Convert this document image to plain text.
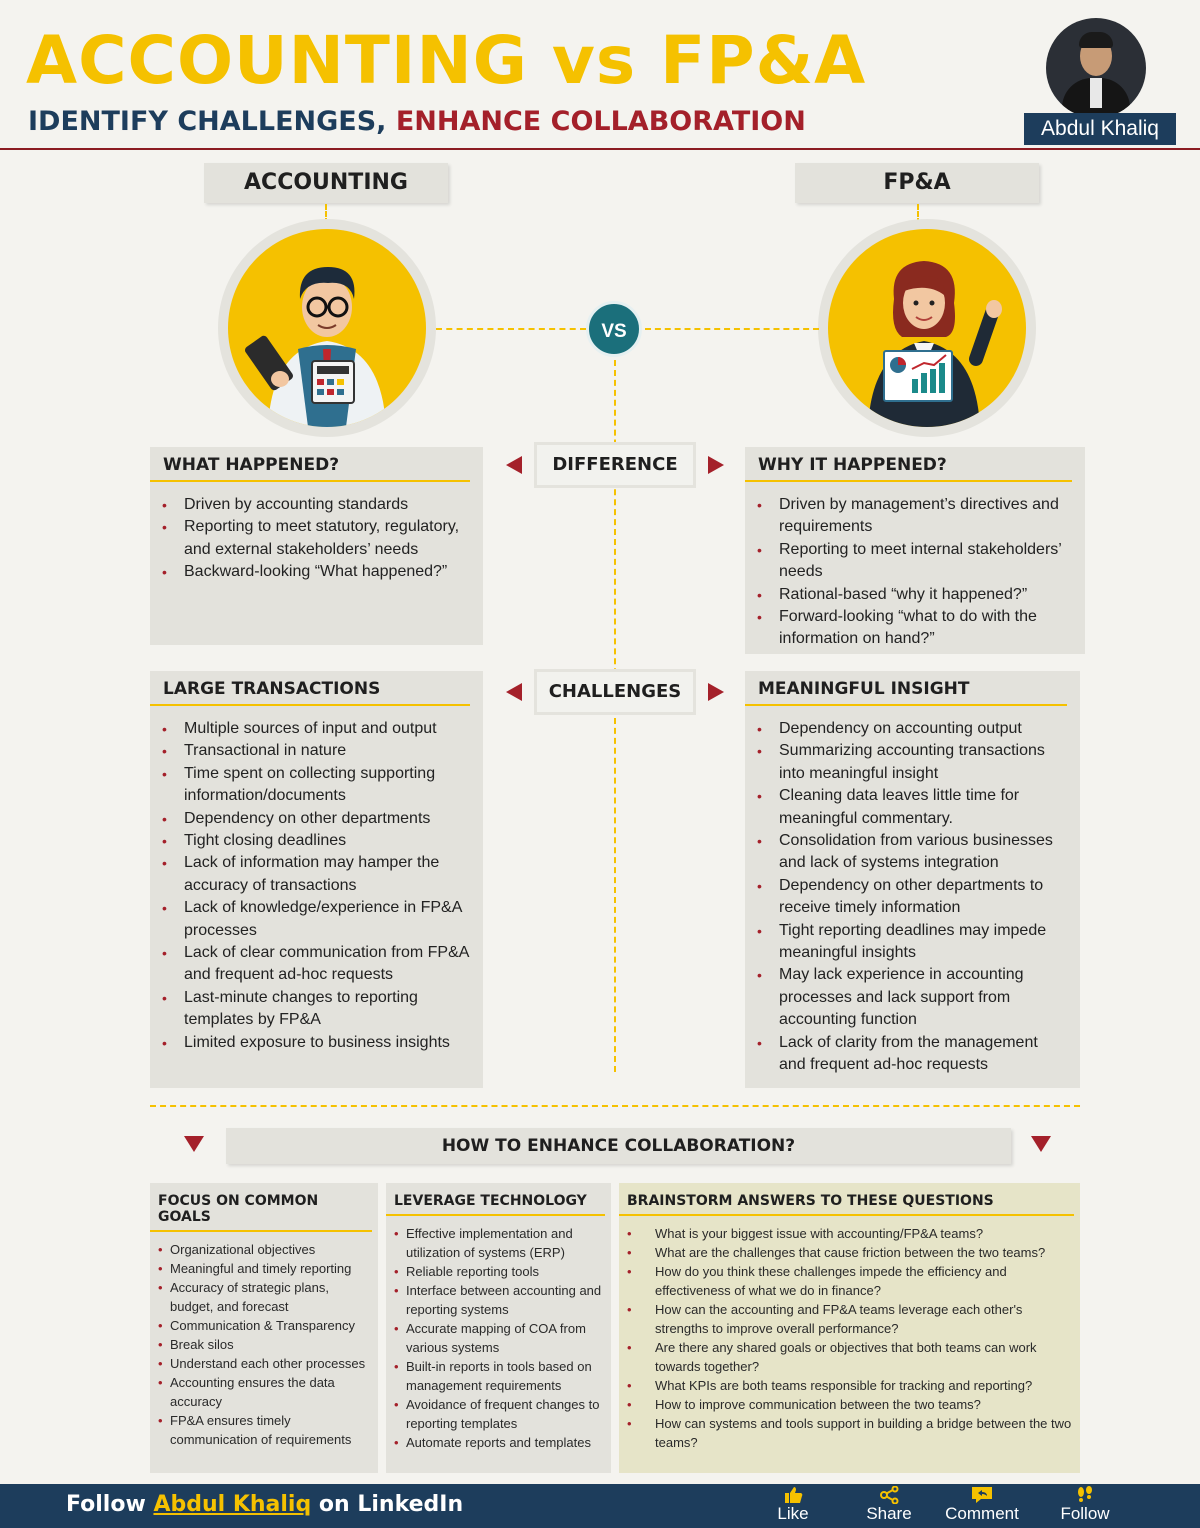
ACCOUNTING vs FP&A
IDENTIFY CHALLENGES, ENHANCE COLLABORATION	Abdul Khaliq
ACCOUNTING	FP&A
VS
DIFFERENCE
WHAT HAPPENED?
• Driven by accounting standards
• Reporting to meet statutory, regulatory, and external stakeholders’ needs
• Backward-looking “What happened?”
WHY IT HAPPENED?
• Driven by management’s directives and requirements
• Reporting to meet internal stakeholders’ needs
• Rational-based “why it happened?”
• Forward-looking “what to do with the information on hand?”
CHALLENGES
LARGE TRANSACTIONS
• Multiple sources of input and output
• Transactional in nature
• Time spent on collecting supporting information/documents
• Dependency on other departments
• Tight closing deadlines
• Lack of information may hamper the accuracy of transactions
• Lack of knowledge/experience in FP&A processes
• Lack of clear communication from FP&A and frequent ad-hoc requests
• Last-minute changes to reporting templates by FP&A
• Limited exposure to business insights
MEANINGFUL INSIGHT
• Dependency on accounting output
• Summarizing accounting transactions into meaningful insight
• Cleaning data leaves little time for meaningful commentary.
• Consolidation from various businesses and lack of systems integration
• Dependency on other departments to receive timely information
• Tight reporting deadlines may impede meaningful insights
• May lack experience in accounting processes and lack support from accounting function
• Lack of clarity from the management and frequent ad-hoc requests
HOW TO ENHANCE COLLABORATION?
FOCUS ON COMMON GOALS
• Organizational objectives
• Meaningful and timely reporting
• Accuracy of strategic plans, budget, and forecast
• Communication & Transparency
• Break silos
• Understand each other processes
• Accounting ensures the data accuracy
• FP&A ensures timely communication of requirements
LEVERAGE TECHNOLOGY
• Effective implementation and utilization of systems (ERP)
• Reliable reporting tools
• Interface between accounting and reporting systems
• Accurate mapping of COA from various systems
• Built-in reports in tools based on management requirements
• Avoidance of frequent changes to reporting templates
• Automate reports and templates
BRAINSTORM ANSWERS TO THESE QUESTIONS
• What is your biggest issue with accounting/FP&A teams?
• What are the challenges that cause friction between the two teams?
• How do you think these challenges impede the efficiency and effectiveness of what we do in finance?
• How can the accounting and FP&A teams leverage each other's strengths to improve overall performance?
• Are there any shared goals or objectives that both teams can work towards together?
• What KPIs are both teams responsible for tracking and reporting?
• How to improve communication between the two teams?
• How can systems and tools support in building a bridge between the two teams?
Follow Abdul Khaliq on LinkedIn	Like	Share	Comment	Follow
